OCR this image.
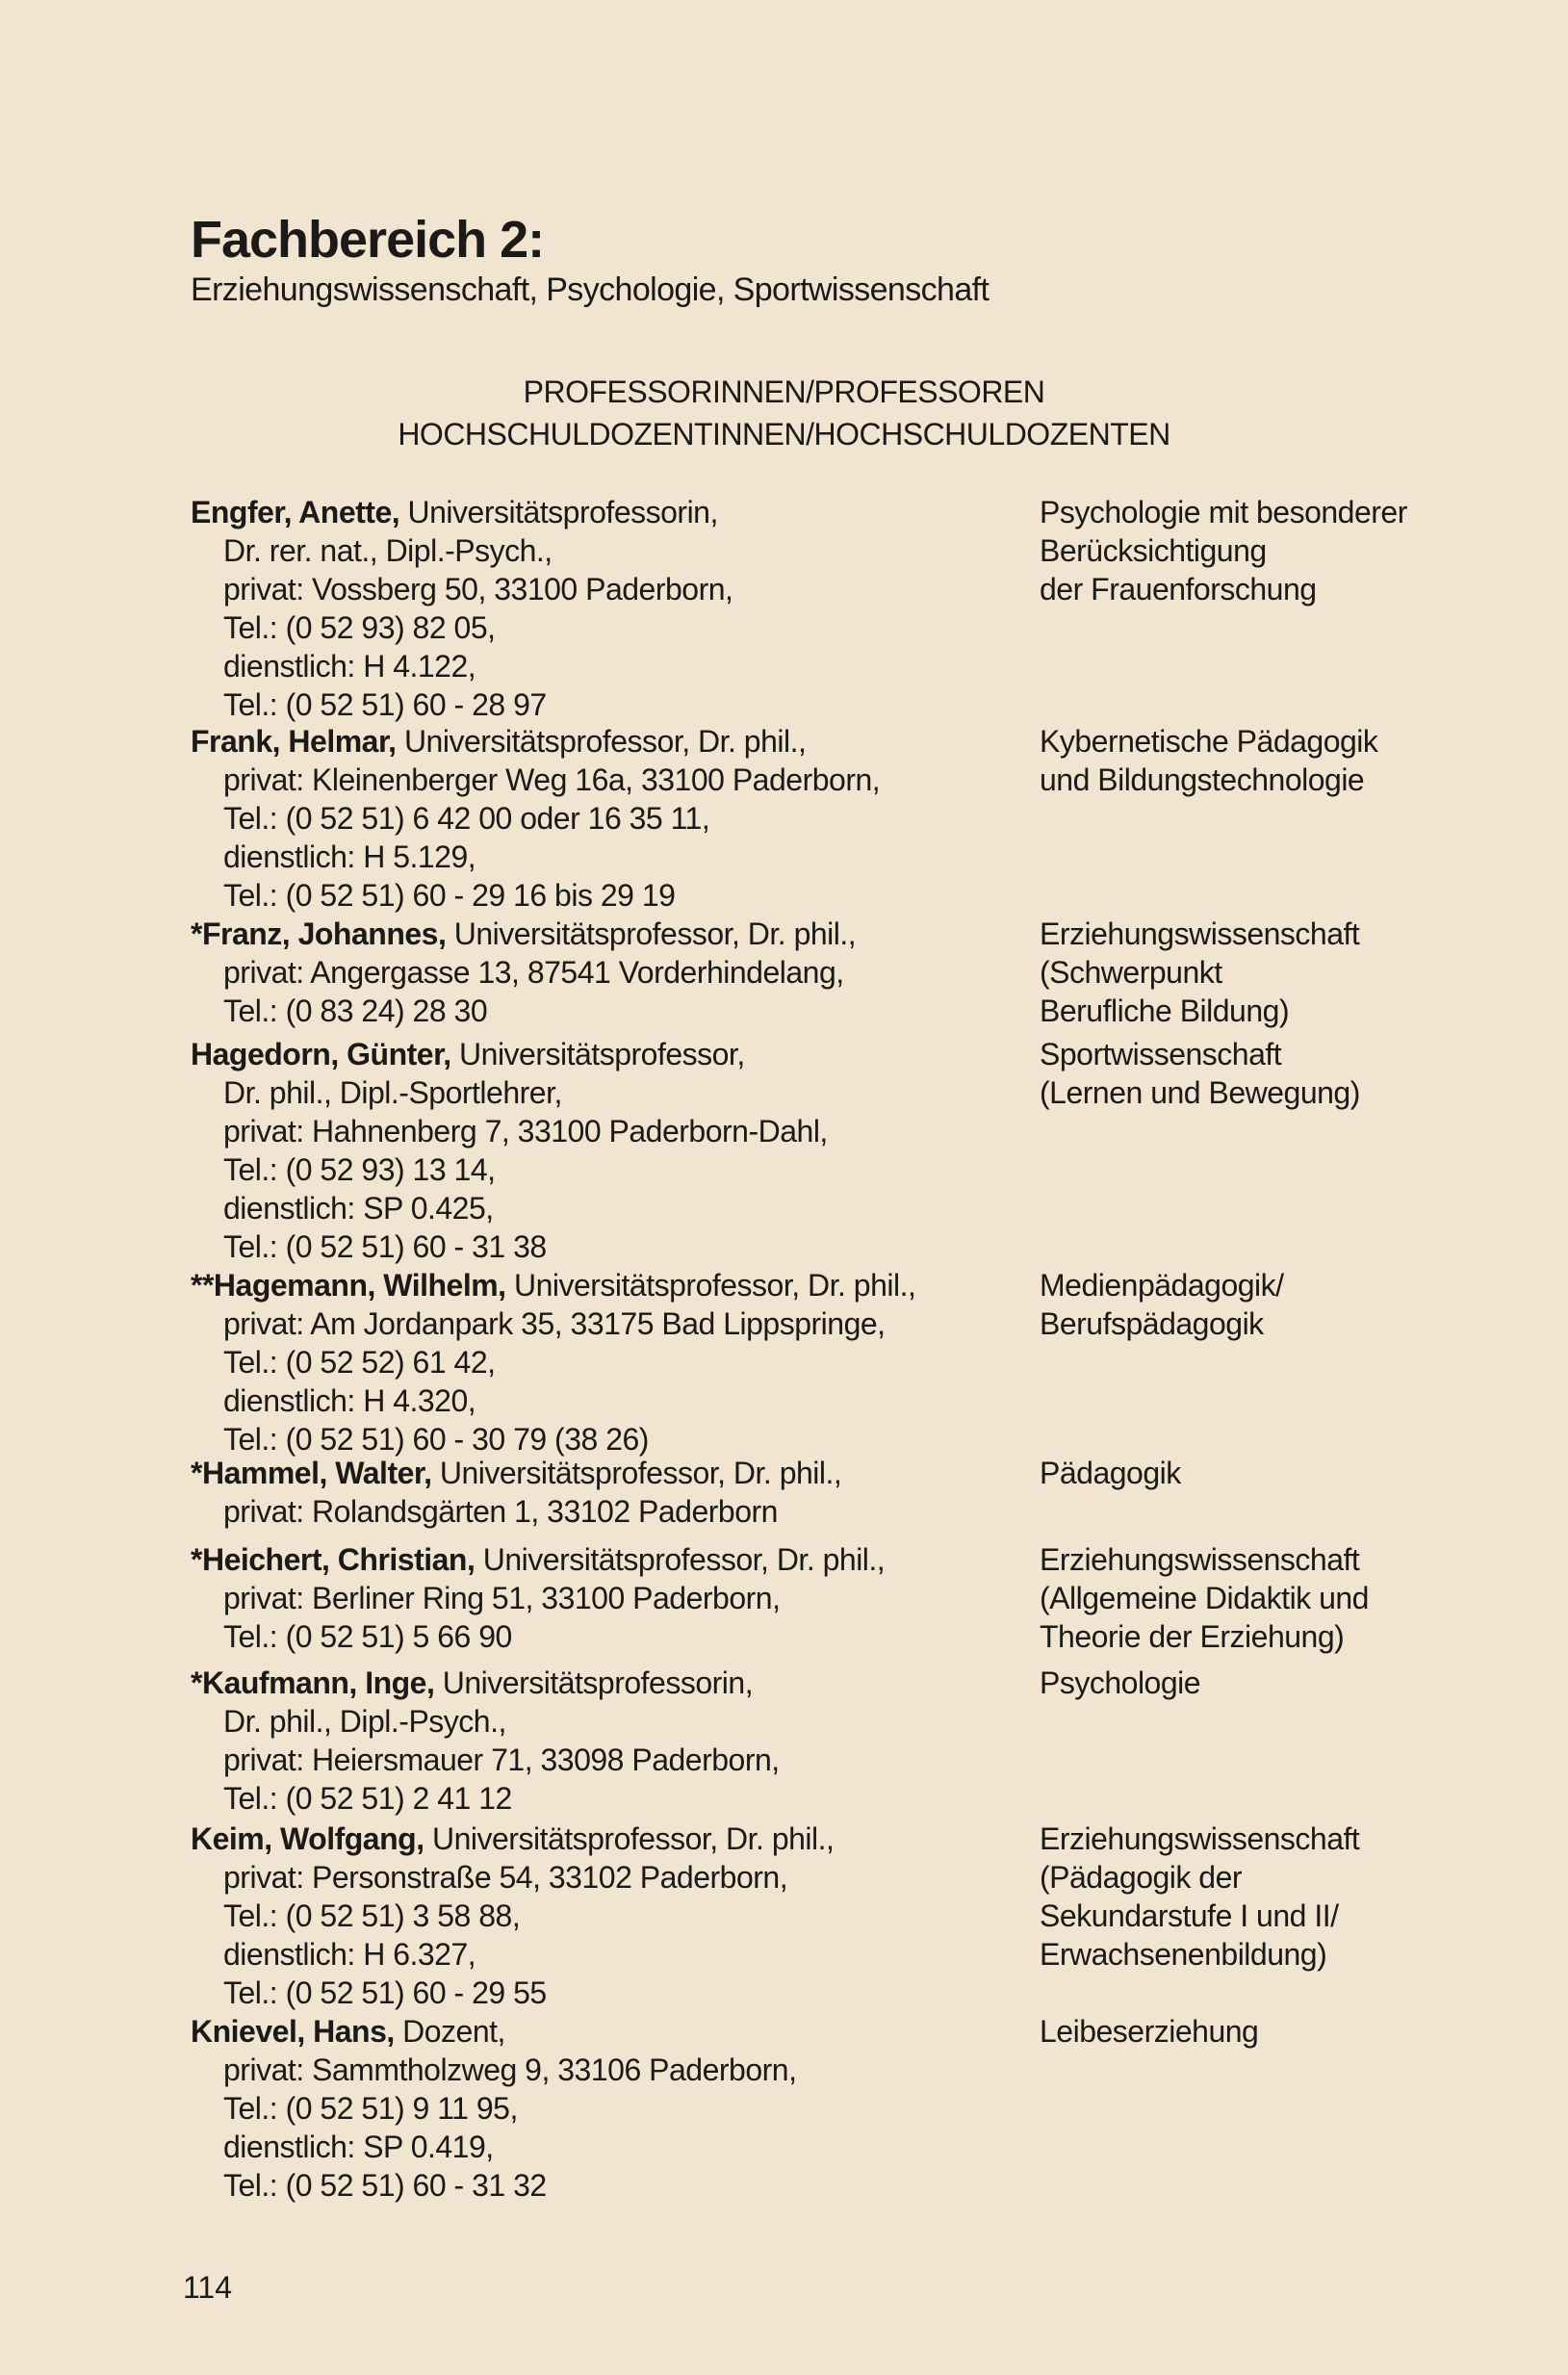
Fachbereich 2:

Erziehungswissenschaft, Psychologie, Sportwissenschaft

PROFESSORINNEN/PROFESSOREN
HOCHSCHULDOZENTINNEN/HOCHSCHULDOZENTEN
Engfer, Anette, Universitätsprofessorin,
Dr. rer. nat., Dipl.-Psych.,
privat: Vossberg 50, 33100 Paderborn,
Tel.: (0 52 93) 82 05,
dienstlich: H 4.122,
Tel.: (0 52 51) 60 - 28 97
Psychologie mit besonderer
Berücksichtigung
der Frauenforschung
Frank, Helmar, Universitätsprofessor, Dr. phil.,
privat: Kleinenberger Weg 16a, 33100 Paderborn,
Tel.: (0 52 51) 6 42 00 oder 16 35 11,
dienstlich: H 5.129,
Tel.: (0 52 51) 60 - 29 16 bis 29 19
Kybernetische Pädagogik
und Bildungstechnologie
*Franz, Johannes, Universitätsprofessor, Dr. phil.,
privat: Angergasse 13, 87541 Vorderhindelang,
Tel.: (0 83 24) 28 30
Erziehungswissenschaft
(Schwerpunkt
Berufliche Bildung)
Hagedorn, Günter, Universitätsprofessor,
Dr. phil., Dipl.-Sportlehrer,
privat: Hahnenberg 7, 33100 Paderborn-Dahl,
Tel.: (0 52 93) 13 14,
dienstlich: SP 0.425,
Tel.: (0 52 51) 60 - 31 38
Sportwissenschaft
(Lernen und Bewegung)
**Hagemann, Wilhelm, Universitätsprofessor, Dr. phil.,
privat: Am Jordanpark 35, 33175 Bad Lippspringe,
Tel.: (0 52 52) 61 42,
dienstlich: H 4.320,
Tel.: (0 52 51) 60 - 30 79 (38 26)
Medienpädagogik/
Berufspädagogik
*Hammel, Walter, Universitätsprofessor, Dr. phil.,
privat: Rolandsgärten 1, 33102 Paderborn
Pädagogik
*Heichert, Christian, Universitätsprofessor, Dr. phil.,
privat: Berliner Ring 51, 33100 Paderborn,
Tel.: (0 52 51) 5 66 90
Erziehungswissenschaft
(Allgemeine Didaktik und
Theorie der Erziehung)
*Kaufmann, Inge, Universitätsprofessorin,
Dr. phil., Dipl.-Psych.,
privat: Heiersmauer 71, 33098 Paderborn,
Tel.: (0 52 51) 2 41 12
Psychologie
Keim, Wolfgang, Universitätsprofessor, Dr. phil.,
privat: Personstraße 54, 33102 Paderborn,
Tel.: (0 52 51) 3 58 88,
dienstlich: H 6.327,
Tel.: (0 52 51) 60 - 29 55
Erziehungswissenschaft
(Pädagogik der
Sekundarstufe I und II/
Erwachsenenbildung)
Knievel, Hans, Dozent,
privat: Sammtholzweg 9, 33106 Paderborn,
Tel.: (0 52 51) 9 11 95,
dienstlich: SP 0.419,
Tel.: (0 52 51) 60 - 31 32
Leibeserziehung
114
